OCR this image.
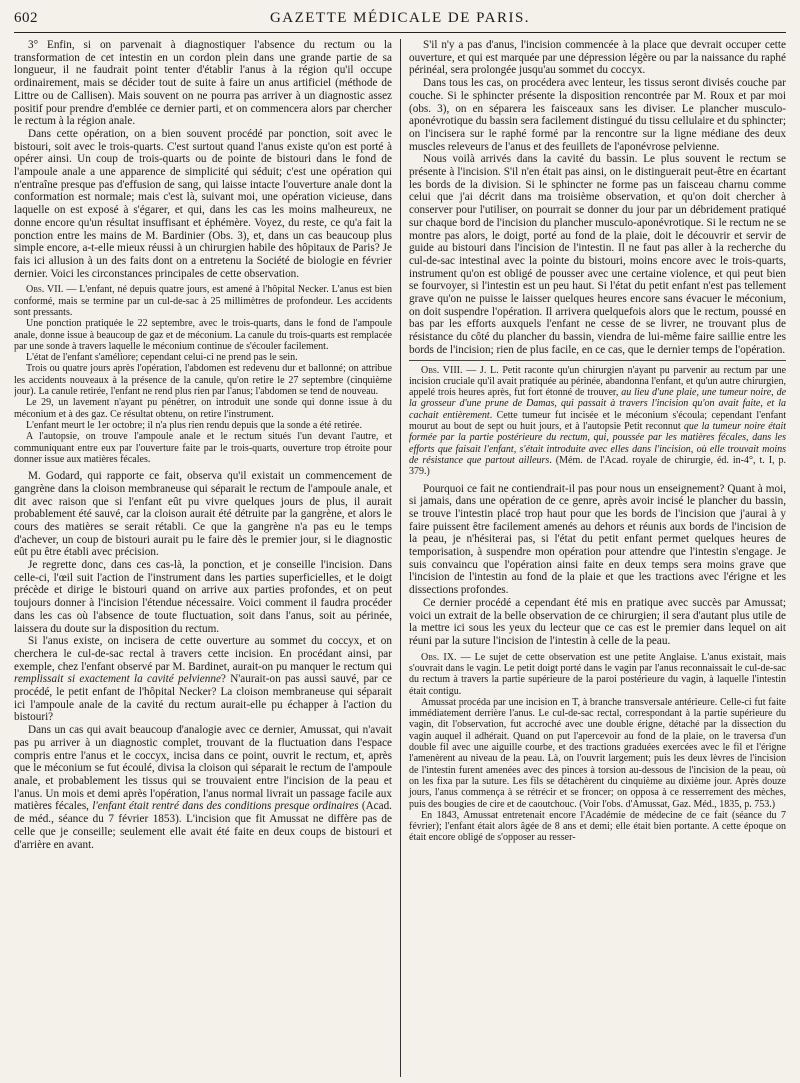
602	GAZETTE MÉDICALE DE PARIS.

3° Enfin, si on parvenait à diagnostiquer l'absence du rectum ou la transformation de cet intestin en un cordon plein dans une grande partie de sa longueur, il ne faudrait point tenter d'établir l'anus à la région qu'il occupe ordinairement, mais se décider tout de suite à faire un anus artificiel (méthode de Littre ou de Callisen). Mais souvent on ne pourra pas arriver à un diagnostic assez positif pour prendre d'emblée ce dernier parti, et on commencera alors par chercher le rectum à la région anale.

Dans cette opération, on a bien souvent procédé par ponction, soit avec le bistouri, soit avec le trois-quarts. C'est surtout quand l'anus existe qu'on est porté à opérer ainsi. Un coup de trois-quarts ou de pointe de bistouri dans le fond de l'ampoule anale a une apparence de simplicité qui séduit; c'est une opération qui n'entraîne presque pas d'effusion de sang, qui laisse intacte l'ouverture anale dont la conformation est normale; mais c'est là, suivant moi, une opération vicieuse, dans laquelle on est exposé à s'égarer, et qui, dans les cas les moins malheureux, ne donne encore qu'un résultat insuffisant et éphémère. Voyez, du reste, ce qu'a fait la ponction entre les mains de M. Bardinier (Obs. 3), et, dans un cas beaucoup plus simple encore, a-t-elle mieux réussi à un chirurgien habile des hôpitaux de Paris? Je fais ici allusion à un des faits dont on a entretenu la Société de biologie en février dernier. Voici les circonstances principales de cette observation.

Obs. VII. — L'enfant, né depuis quatre jours, est amené à l'hôpital Necker. L'anus est bien conformé, mais se termine par un cul-de-sac à 25 millimètres de profondeur. Les accidents sont pressants.

Une ponction pratiquée le 22 septembre, avec le trois-quarts, dans le fond de l'ampoule anale, donne issue à beaucoup de gaz et de méconium. La canule du trois-quarts est remplacée par une sonde à travers laquelle le méconium continue de s'écouler facilement.

L'état de l'enfant s'améliore; cependant celui-ci ne prend pas le sein.

Trois ou quatre jours après l'opération, l'abdomen est redevenu dur et ballonné; on attribue les accidents nouveaux à la présence de la canule, qu'on retire le 27 septembre (cinquième jour). La canule retirée, l'enfant ne rend plus rien par l'anus; l'abdomen se tend de nouveau.

Le 29, un lavement n'ayant pu pénétrer, on introduit une sonde qui donne issue à du méconium et à des gaz. Ce résultat obtenu, on retire l'instrument.

L'enfant meurt le 1er octobre; il n'a plus rien rendu depuis que la sonde a été retirée.

A l'autopsie, on trouve l'ampoule anale et le rectum situés l'un devant l'autre, et communiquant entre eux par l'ouverture faite par le trois-quarts, ouverture trop étroite pour donner issue aux matières fécales.

M. Godard, qui rapporte ce fait, observa qu'il existait un commencement de gangrène dans la cloison membraneuse qui séparait le rectum de l'ampoule anale, et dit avec raison que si l'enfant eût pu vivre quelques jours de plus, il aurait probablement été sauvé, car la cloison aurait été détruite par la gangrène, et alors le cours des matières se serait rétabli. Ce que la gangrène n'a pas eu le temps d'achever, un coup de bistouri aurait pu le faire dès le premier jour, si le diagnostic eût pu être établi avec précision.

Je regrette donc, dans ces cas-là, la ponction, et je conseille l'incision. Dans celle-ci, l'œil suit l'action de l'instrument dans les parties superficielles, et le doigt précède et dirige le bistouri quand on arrive aux parties profondes, et on peut toujours donner à l'incision l'étendue nécessaire. Voici comment il faudra procéder dans les cas où l'absence de toute fluctuation, soit dans l'anus, soit au périnée, laissera du doute sur la disposition du rectum.

Si l'anus existe, on incisera de cette ouverture au sommet du coccyx, et on cherchera le cul-de-sac rectal à travers cette incision. En procédant ainsi, par exemple, chez l'enfant observé par M. Bardinet, aurait-on pu manquer le rectum qui remplissait si exactement la cavité pelvienne? N'aurait-on pas aussi sauvé, par ce procédé, le petit enfant de l'hôpital Necker? La cloison membraneuse qui séparait ici l'ampoule anale de la cavité du rectum aurait-elle pu échapper à l'action du bistouri?

Dans un cas qui avait beaucoup d'analogie avec ce dernier, Amussat, qui n'avait pas pu arriver à un diagnostic complet, trouvant de la fluctuation dans l'espace compris entre l'anus et le coccyx, incisa dans ce point, ouvrit le rectum, et, après que le méconium se fut écoulé, divisa la cloison qui séparait le rectum de l'ampoule anale, et probablement les tissus qui se trouvaient entre l'incision de la peau et l'anus. Un mois et demi après l'opération, l'anus normal livrait un passage facile aux matières fécales, l'enfant était rentré dans des conditions presque ordinaires (Acad. de méd., séance du 7 février 1853). L'incision que fit Amussat ne diffère pas de celle que je conseille; seulement elle avait été faite en deux coups de bistouri et d'arrière en avant.

S'il n'y a pas d'anus, l'incision commencée à la place que devrait occuper cette ouverture, et qui est marquée par une dépression légère ou par la naissance du raphé périnéal, sera prolongée jusqu'au sommet du coccyx.

Dans tous les cas, on procédera avec lenteur, les tissus seront divisés couche par couche. Si le sphincter présente la disposition rencontrée par M. Roux et par moi (obs. 3), on en séparera les faisceaux sans les diviser. Le plancher musculo-aponévrotique du bassin sera facilement distingué du tissu cellulaire et du sphincter; on l'incisera sur le raphé formé par la rencontre sur la ligne médiane des deux muscles releveurs de l'anus et des feuillets de l'aponévrose pelvienne.

Nous voilà arrivés dans la cavité du bassin. Le plus souvent le rectum se présente à l'incision. S'il n'en était pas ainsi, on le distinguerait peut-être en écartant les bords de la division. Si le sphincter ne forme pas un faisceau charnu comme celui que j'ai décrit dans ma troisième observation, et qu'on doit chercher à conserver pour l'utiliser, on pourrait se donner du jour par un débridement pratiqué sur chaque bord de l'incision du plancher musculo-aponévrotique. Si le rectum ne se montre pas alors, le doigt, porté au fond de la plaie, doit le découvrir et servir de guide au bistouri dans l'incision de l'intestin. Il ne faut pas aller à la recherche du cul-de-sac intestinal avec la pointe du bistouri, moins encore avec le trois-quarts, instrument qu'on est obligé de pousser avec une certaine violence, et qui peut bien se fourvoyer, si l'intestin est un peu haut. Si l'état du petit enfant n'est pas tellement grave qu'on ne puisse le laisser quelques heures encore sans évacuer le méconium, on doit suspendre l'opération. Il arrivera quelquefois alors que le rectum, poussé en bas par les efforts auxquels l'enfant ne cesse de se livrer, ne trouvant plus de résistance du côté du plancher du bassin, viendra de lui-même faire saillie entre les bords de l'incision; rien de plus facile, en ce cas, que le dernier temps de l'opération.

Obs. VIII. — J. L. Petit raconte qu'un chirurgien n'ayant pu parvenir au rectum par une incision cruciale qu'il avait pratiquée au périnée, abandonna l'enfant, et qu'un autre chirurgien, appelé trois heures après, fut fort étonné de trouver, au lieu d'une plaie, une tumeur noire, de la grosseur d'une prune de Damas, qui passait à travers l'incision qu'on avait faite, et la cachait entièrement. Cette tumeur fut incisée et le méconium s'écoula; cependant l'enfant mourut au bout de sept ou huit jours, et à l'autopsie Petit reconnut que la tumeur noire était formée par la partie postérieure du rectum, qui, poussée par les matières fécales, dans les efforts que faisait l'enfant, s'était introduite avec elles dans l'incision, où elle trouvait moins de résistance que partout ailleurs. (Mém. de l'Acad. royale de chirurgie, éd. in-4°, t. I, p. 379.)

Pourquoi ce fait ne contiendrait-il pas pour nous un enseignement? Quant à moi, si jamais, dans une opération de ce genre, après avoir incisé le plancher du bassin, se trouve l'intestin placé trop haut pour que les bords de l'incision que j'aurai à y faire puissent être facilement amenés au dehors et réunis aux bords de l'incision de la peau, je n'hésiterai pas, si l'état du petit enfant permet quelques heures de temporisation, à suspendre mon opération pour attendre que l'intestin s'engage. Je suis convaincu que l'opération ainsi faite en deux temps sera moins grave que l'incision de l'intestin au fond de la plaie et que les tractions avec l'érigne et les dissections profondes.

Ce dernier procédé a cependant été mis en pratique avec succès par Amussat; voici un extrait de la belle observation de ce chirurgien; il sera d'autant plus utile de la mettre ici sous les yeux du lecteur que ce cas est le premier dans lequel on ait réuni par la suture l'incision de l'intestin à celle de la peau.

Obs. IX. — Le sujet de cette observation est une petite Anglaise. L'anus existait, mais s'ouvrait dans le vagin. Le petit doigt porté dans le vagin par l'anus reconnaissait le cul-de-sac du rectum à travers la partie supérieure de la paroi postérieure du vagin, à laquelle l'intestin était contigu.

Amussat procéda par une incision en T, à branche transversale antérieure. Celle-ci fut faite immédiatement derrière l'anus. Le cul-de-sac rectal, correspondant à la partie supérieure du vagin, dit l'observation, fut accroché avec une double érigne, détaché par la dissection du vagin auquel il adhérait. Quand on put l'apercevoir au fond de la plaie, on le traversa d'un double fil avec une aiguille courbe, et des tractions graduées exercées avec le fil et l'érigne l'amenèrent au niveau de la peau. Là, on l'ouvrit largement; puis les deux lèvres de l'incision de l'intestin furent amenées avec des pinces à torsion au-dessous de l'incision de la peau, où on les fixa par la suture. Les fils se détachèrent du cinquième au dixième jour. Après douze jours, l'anus commença à se rétrécir et se froncer; on opposa à ce resserrement des mèches, puis des bougies de cire et de caoutchouc. (Voir l'obs. d'Amussat, Gaz. Méd., 1835, p. 753.)

En 1843, Amussat entretenait encore l'Académie de médecine de ce fait (séance du 7 février); l'enfant était alors âgée de 8 ans et demi; elle était bien portante. A cette époque on était encore obligé de s'opposer au resser-
